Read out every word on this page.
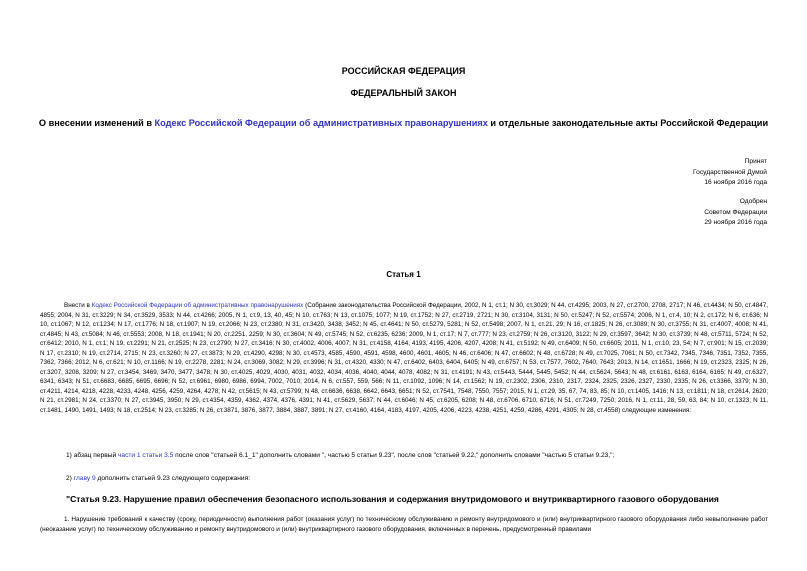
РОССИЙСКАЯ ФЕДЕРАЦИЯ
ФЕДЕРАЛЬНЫЙ ЗАКОН
О внесении изменений в Кодекс Российской Федерации об административных правонарушениях и отдельные законодательные акты Российской Федерации
Принят
Государственной Думой
16 ноября 2016 года
Одобрен
Советом Федерации
29 ноября 2016 года
Статья 1
Внести в Кодекс Российской Федерации об административных правонарушениях (Собрание законодательства Российской Федерации, 2002, N 1, ст.1; N 30, ст.3029; N 44, ст.4295; 2003, N 27, ст.2700, 2708, 2717; N 46, ст.4434; N 50, ст.4847, 4855; 2004, N 31, ст.3229; N 34, ст.3529, 3533; N 44, ст.4266; 2005, N 1, ст.9, 13, 40, 45; N 10, ст.763; N 13, ст.1075, 1077; N 19, ст.1752; N 27, ст.2719, 2721; N 30, ст.3104, 3131; N 50, ст.5247; N 52, ст.5574; 2006, N 1, ст.4, 10; N 2, ст.172; N 6, ст.636; N 10, ст.1067; N 12, ст.1234; N 17, ст.1776; N 18, ст.1907; N 19, ст.2066; N 23, ст.2380; N 31, ст.3420, 3438, 3452; N 45, ст.4641; N 50, ст.5279, 5281; N 52, ст.5498; 2007, N 1, ст.21, 29; N 16, ст.1825; N 26, ст.3089; N 30, ст.3755; N 31, ст.4007, 4008; N 41, ст.4845; N 43, ст.5084; N 46, ст.5553; 2008, N 18, ст.1941; N 20, ст.2251, 2259; N 30, ст.3604; N 49, ст.5745; N 52, ст.6235, 6236; 2009, N 1, ст.17; N 7, ст.777; N 23, ст.2759; N 26, ст.3120, 3122; N 29, ст.3597, 3642; N 30, ст.3739; N 48, ст.5711, 5724; N 52, ст.6412; 2010, N 1, ст.1; N 19, ст.2291; N 21, ст.2525; N 23, ст.2790; N 27, ст.3416; N 30, ст.4002, 4006, 4007; N 31, ст.4158, 4164, 4193, 4195, 4206, 4207, 4208; N 41, ст.5192; N 49, ст.6409; N 50, ст.6605; 2011, N 1, ст.10, 23, 54; N 7, ст.901; N 15, ст.2039; N 17, ст.2310; N 19, ст.2714, 2715; N 23, ст.3260; N 27, ст.3873; N 29, ст.4290, 4298; N 30, ст.4573, 4585, 4590, 4591, 4598, 4600, 4601, 4605; N 46, ст.6406; N 47, ст.6602; N 48, ст.6728; N 49, ст.7025, 7061; N 50, ст.7342, 7345, 7346, 7351, 7352, 7355, 7362, 7366; 2012, N 6, ст.621; N 10, ст.1166; N 19, ст.2278, 2281; N 24, ст.3069, 3082; N 29, ст.3996; N 31, ст.4320, 4330; N 47, ст.6402, 6403, 6404, 6405; N 49, ст.6757; N 53, ст.7577, 7602, 7640, 7643; 2013, N 14, ст.1651, 1666; N 19, ст.2323, 2325; N 26, ст.3207, 3208, 3209; N 27, ст.3454, 3469, 3470, 3477, 3478; N 30, ст.4025, 4029, 4030, 4031, 4032, 4034, 4036, 4040, 4044, 4078, 4082; N 31, ст.4191; N 43, ст.5443, 5444, 5445, 5452; N 44, ст.5624, 5643; N 48, ст.6161, 6163, 6164, 6165; N 49, ст.6327, 6341, 6343; N 51, ст.6683, 6685, 6695, 6696; N 52, ст.6961, 6980, 6986, 6994, 7002, 7010; 2014, N 6, ст.557, 559, 566; N 11, ст.1092, 1096; N 14, ст.1562; N 19, ст.2302, 2306, 2310, 2317, 2324, 2325, 2326, 2327, 2330, 2335; N 26, ст.3366, 3379; N 30, ст.4211, 4214, 4218, 4228, 4233, 4248, 4256, 4259, 4264, 4278; N 42, ст.5615; N 43, ст.5799; N 48, ст.6636, 6638, 6642, 6643, 6651; N 52, ст.7541, 7548, 7550, 7557; 2015, N 1, ст.29, 35, 67, 74, 83, 85; N 10, ст.1405, 1416; N 13, ст.1811; N 18, ст.2614, 2620; N 21, ст.2981; N 24, ст.3370; N 27, ст.3945, 3950; N 29, ст.4354, 4359, 4362, 4374, 4376, 4391; N 41, ст.5629, 5637; N 44, ст.6046; N 45, ст.6205, 6208; N 48, ст.6706, 6710, 6716; N 51, ст.7249, 7250; 2016, N 1, ст.11, 28, 59, 63, 84; N 10, ст.1323; N 11, ст.1481, 1490, 1491, 1493; N 18, ст.2514; N 23, ст.3285; N 26, ст.3871, 3876, 3877, 3884, 3887, 3891; N 27, ст.4160, 4164, 4183, 4197, 4205, 4206, 4223, 4238, 4251, 4259, 4286, 4291, 4305; N 28, ст.4558) следующие изменения:
1) абзац первый части 1 статьи 3.5 после слов "статьей 6.1_1" дополнить словами ", частью 5 статьи 9.23", после слов "статьей 9.22," дополнить словами "частью 5 статьи 9.23,";
2) главу 9 дополнить статьей 9.23 следующего содержания:
"Статья 9.23. Нарушение правил обеспечения безопасного использования и содержания внутридомового и внутриквартирного газового оборудования
1. Нарушение требований к качеству (сроку, периодичности) выполнения работ (оказания услуг) по техническому обслуживанию и ремонту внутридомового и (или) внутриквартирного газового оборудования либо невыполнение работ (неоказание услуг) по техническому обслуживанию и ремонту внутридомового и (или) внутриквартирного газового оборудования, включенных в перечень, предусмотренный правилами
